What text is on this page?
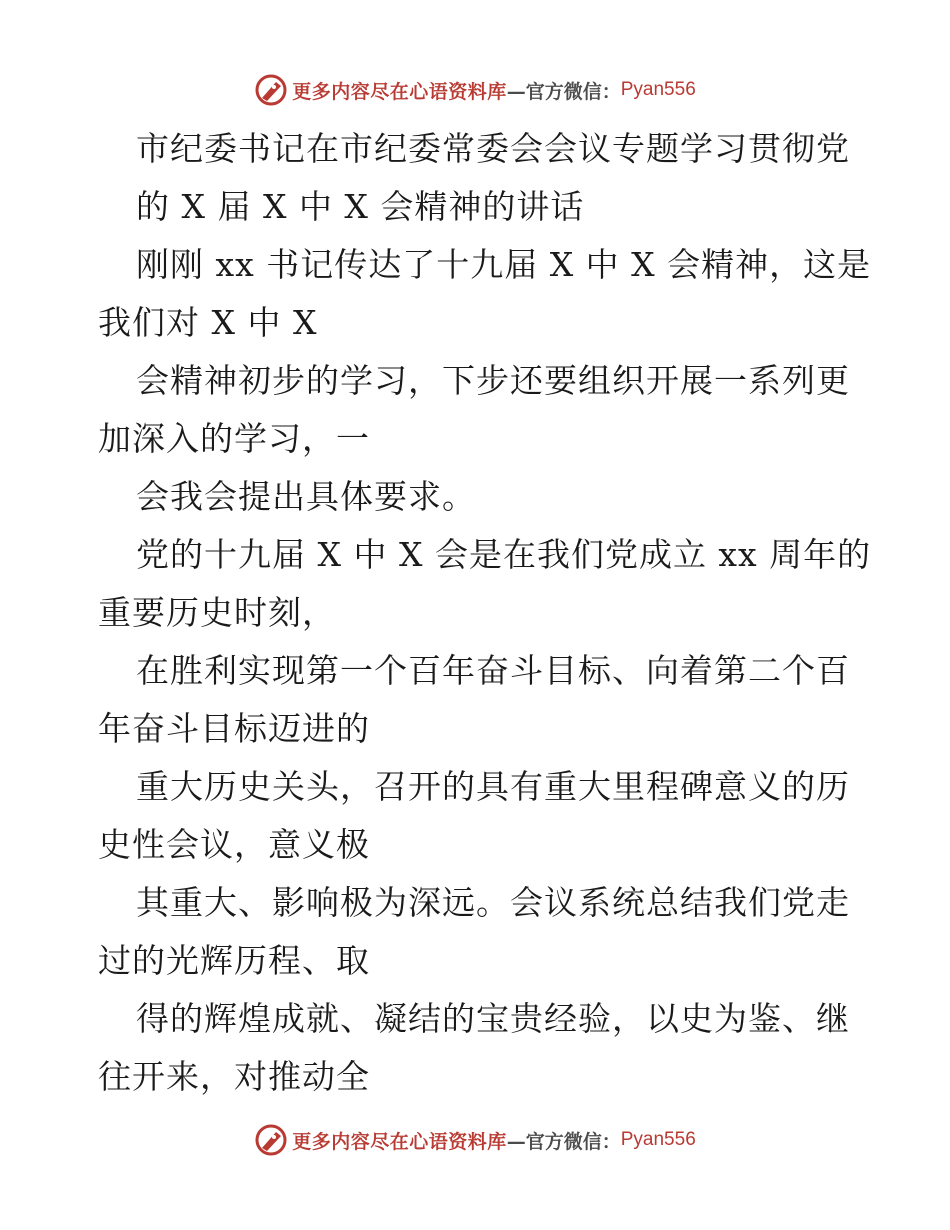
更多内容尽在心语资料库 —官方微信： Pyan556
市纪委书记在市纪委常委会会议专题学习贯彻党
的 X 届 X 中 X 会精神的讲话
刚刚 xx 书记传达了十九届 X 中 X 会精神，这是
我们对 X 中 X
会精神初步的学习，下步还要组织开展一系列更
加深入的学习，一
会我会提出具体要求。
党的十九届 X 中 X 会是在我们党成立 xx 周年的
重要历史时刻，
在胜利实现第一个百年奋斗目标、向着第二个百
年奋斗目标迈进的
重大历史关头，召开的具有重大里程碑意义的历
史性会议，意义极
其重大、影响极为深远。会议系统总结我们党走
过的光辉历程、取
得的辉煌成就、凝结的宝贵经验，以史为鉴、继
往开来，对推动全
更多内容尽在心语资料库 —官方微信： Pyan556
